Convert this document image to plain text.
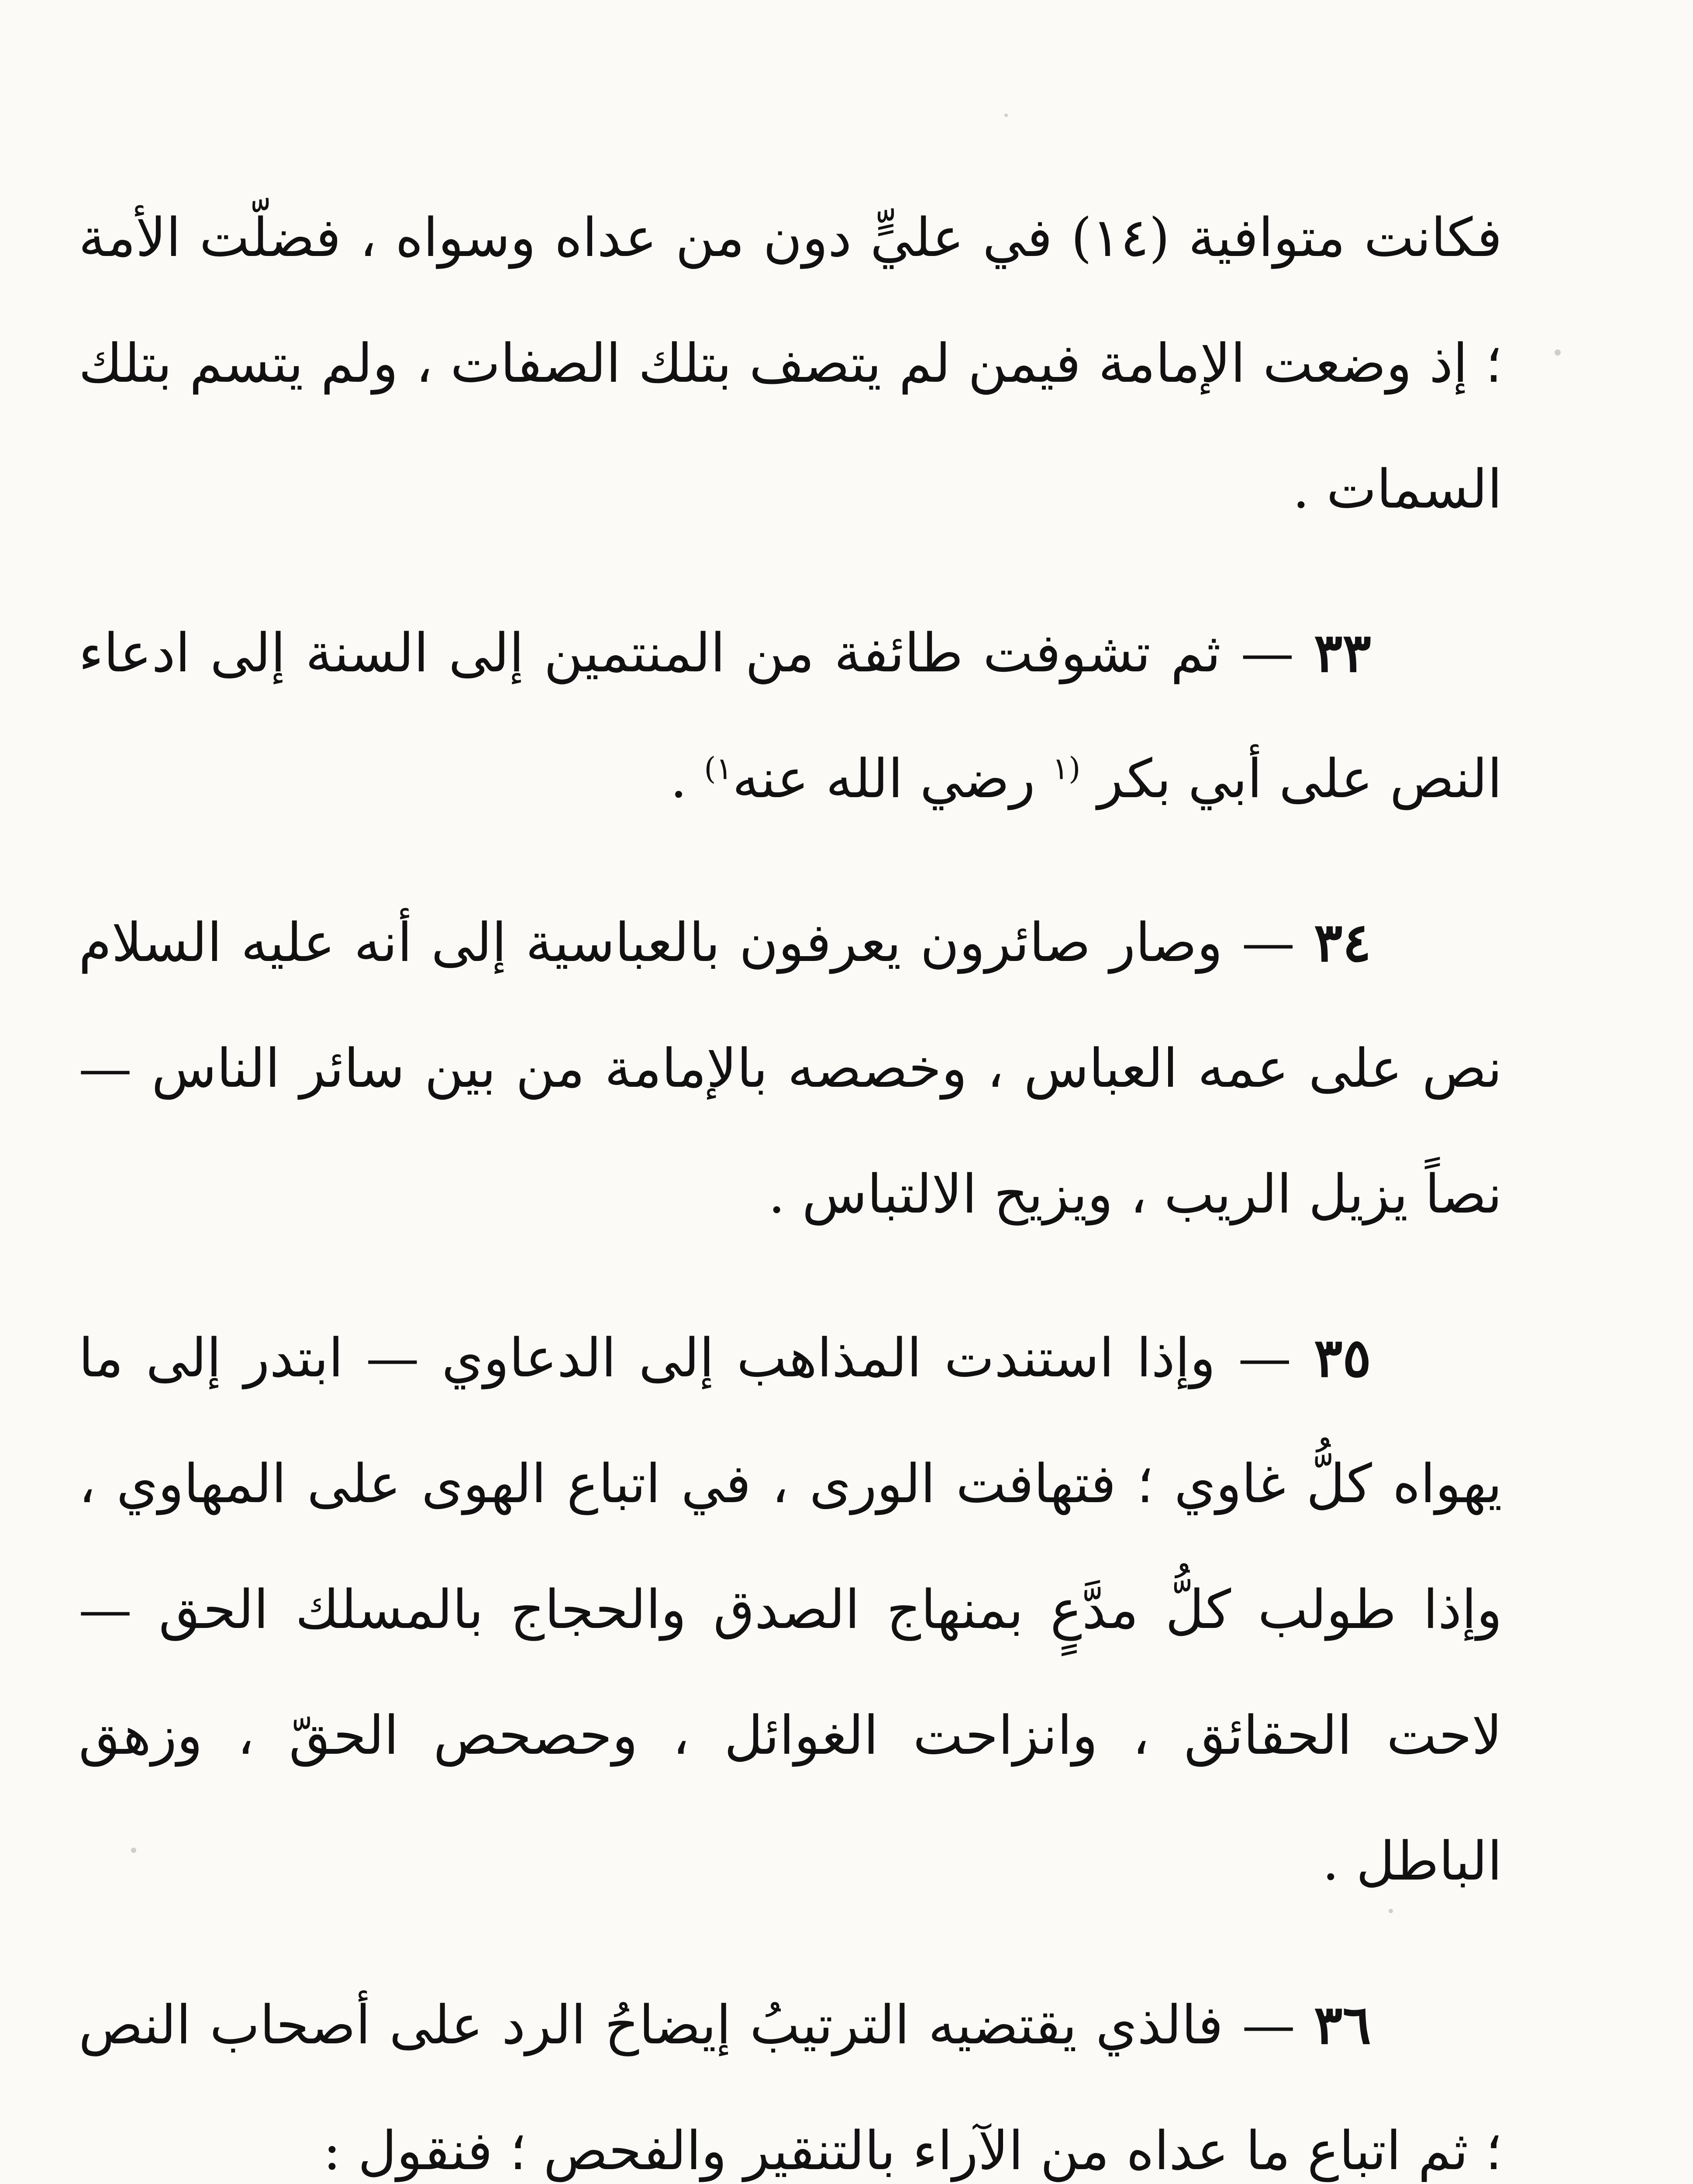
فكانت متوافية (١٤) في عليٍّ دون من عداه وسواه ، فضلّت الأمة ؛ إذ وضعت الإمامة فيمن لم يتصف بتلك الصفات ، ولم يتسم بتلك السمات .

٣٣ — ثم تشوفت طائفة من المنتمين إلى السنة إلى ادعاء النص على أبي بكر $^{(١}$ رضي الله عنه$^{١)}$ .

٣٤ — وصار صائرون يعرفون بالعباسية إلى أنه عليه السلام نص على عمه العباس ، وخصصه بالإمامة من بين سائر الناس — نصاً يزيل الريب ، ويزيح الالتباس .

٣٥ — وإذا استندت المذاهب إلى الدعاوي — ابتدر إلى ما يهواه كلُّ غاوي ؛ فتهافت الورى ، في اتباع الهوى على المهاوي ، وإذا طولب كلُّ مدَّعٍ بمنهاج الصدق والحجاج بالمسلك الحق — لاحت الحقائق ، وانزاحت الغوائل ، وحصحص الحقّ ، وزهق الباطل .

٣٦ — فالذي يقتضيه الترتيبُ إيضاحُ الرد على أصحاب النص ؛ ثم اتباع ما عداه من الآراء بالتنقير والفحص ؛ فنقول :
